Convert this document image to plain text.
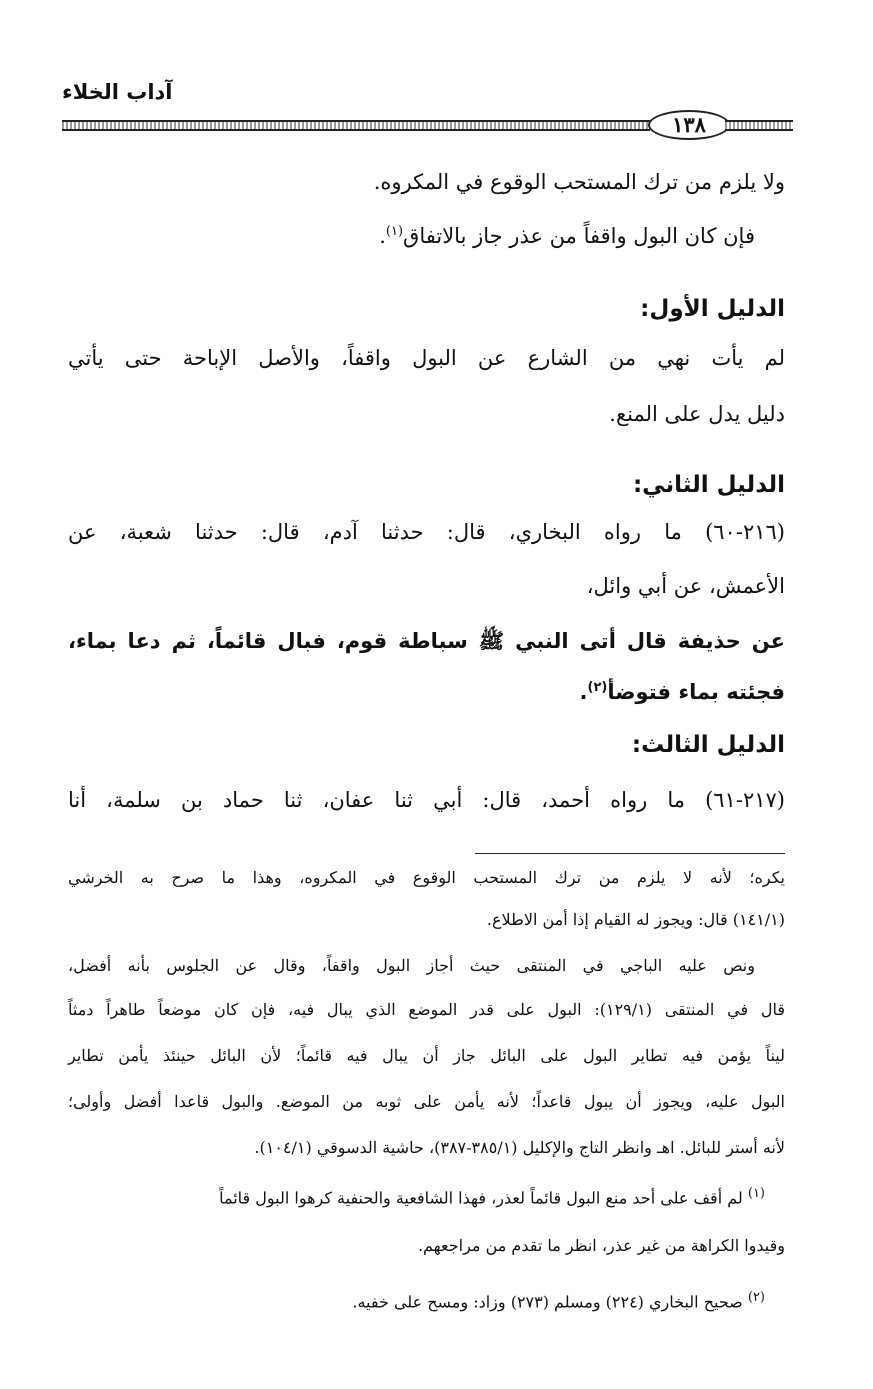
آداب الخلاء
١٣٨
ولا يلزم من ترك المستحب الوقوع في المكروه.
فإن كان البول واقفاً من عذر جاز بالاتفاق$^{(١)}$.
الدليل الأول:
لم يأت نهي من الشارع عن البول واقفاً، والأصل الإباحة حتى يأتي
دليل يدل على المنع.
الدليل الثاني:
(٢١٦-٦٠) ما رواه البخاري، قال: حدثنا آدم، قال: حدثنا شعبة، عن
الأعمش، عن أبي وائل،
عن حذيفة قال أتى النبي ﷺ سباطة قوم، فبال قائماً، ثم دعا بماء،
فجئته بماء فتوضأ$^{(٢)}$.
الدليل الثالث:
(٢١٧-٦١) ما رواه أحمد، قال: أبي ثنا عفان، ثنا حماد بن سلمة، أنا
يكره؛ لأنه لا يلزم من ترك المستحب الوقوع في المكروه، وهذا ما صرح به الخرشي
(١٤١/١) قال: ويجوز له القيام إذا أمن الاطلاع.
ونص عليه الباجي في المنتقى حيث أجاز البول واقفاً، وقال عن الجلوس بأنه أفضل،
قال في المنتقى (١٢٩/١): البول على قدر الموضع الذي يبال فيه، فإن كان موضعاً طاهراً دمثاً
ليناً يؤمن فيه تطاير البول على البائل جاز أن يبال فيه قائماً؛ لأن البائل حينئذ يأمن تطاير
البول عليه، ويجوز أن يبول قاعداً؛ لأنه يأمن على ثوبه من الموضع. والبول قاعدا أفضل وأولى؛
لأنه أستر للبائل. اهـ وانظر التاج والإكليل (٣٨٥/١-٣٨٧)، حاشية الدسوقي (١٠٤/١).
$^{(١)}$ لم أقف على أحد منع البول قائماً لعذر، فهذا الشافعية والحنفية كرهوا البول قائماً
وقيدوا الكراهة من غير عذر، انظر ما تقدم من مراجعهم.
$^{(٢)}$ صحيح البخاري (٢٢٤) ومسلم (٢٧٣) وزاد: ومسح على خفيه.
